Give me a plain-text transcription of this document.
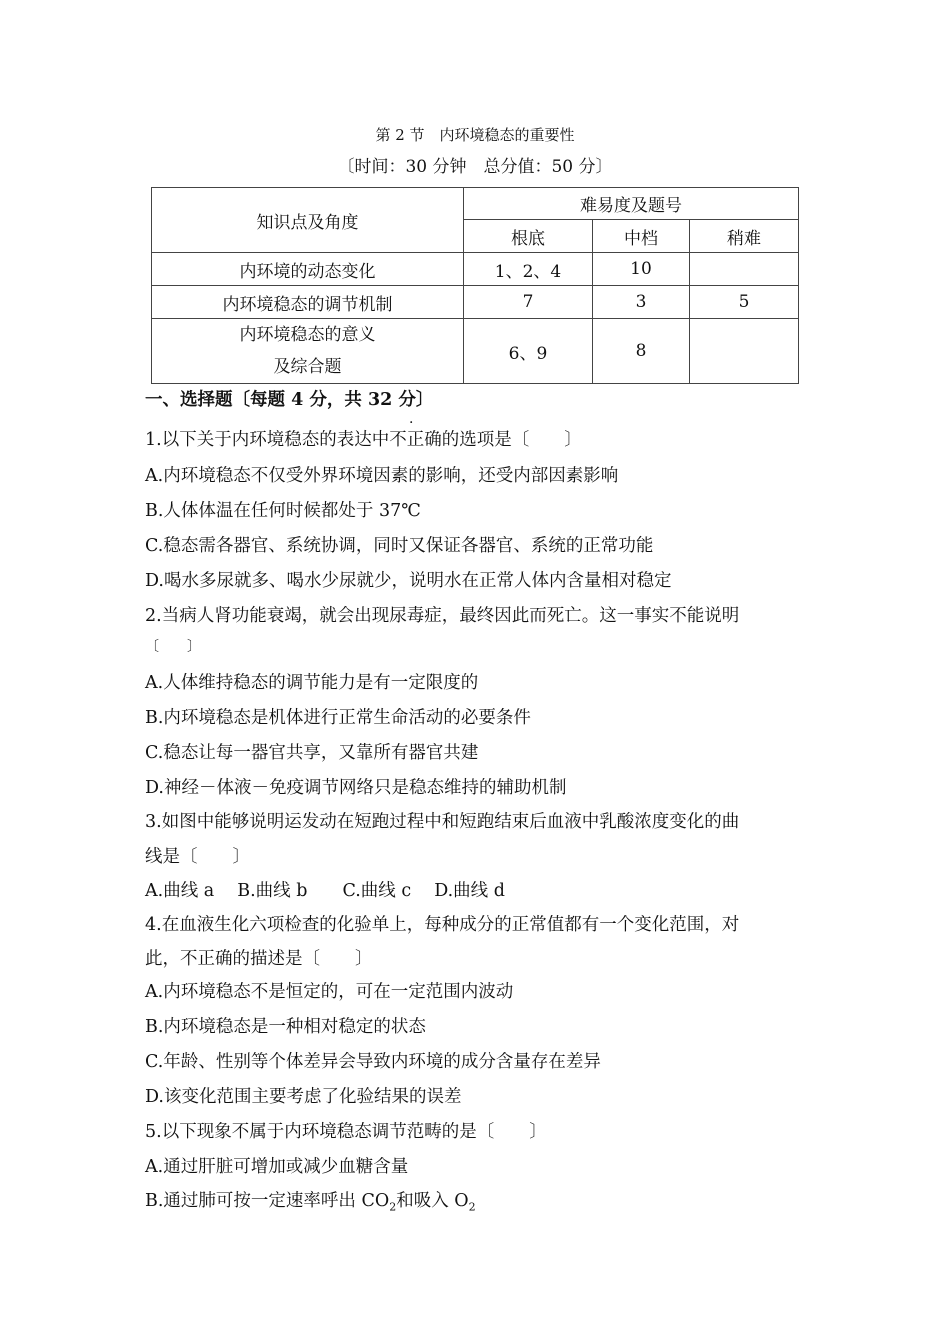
第 2 节　内环境稳态的重要性
〔时间：30 分钟　总分值：50 分〕
知识点及角度	难易度及题号		
	根底	中档	稍难
内环境的动态变化	1、2、4	10	
内环境稳态的调节机制	7	3	5

内环境稳态的意义
及综合题	6、9	8	
一、选择题〔每题 4 分，共 32 分〕
1.以下关于内环境稳态的表达中不正确的选项是〔　　〕
A.内环境稳态不仅受外界环境因素的影响，还受内部因素影响
B.人体体温在任何时候都处于 37℃
C.稳态需各器官、系统协调，同时又保证各器官、系统的正常功能
D.喝水多尿就多、喝水少尿就少，说明水在正常人体内含量相对稳定
2.当病人肾功能衰竭，就会出现尿毒症，最终因此而死亡。这一事实不能说明
〔　　〕
A.人体维持稳态的调节能力是有一定限度的
B.内环境稳态是机体进行正常生命活动的必要条件
C.稳态让每一器官共享，又靠所有器官共建
D.神经－体液－免疫调节网络只是稳态维持的辅助机制
3.如图中能够说明运发动在短跑过程中和短跑结束后血液中乳酸浓度变化的曲
线是〔　　〕
A.曲线 a　 B.曲线 b　　C.曲线 c　 D.曲线 d
4.在血液生化六项检查的化验单上，每种成分的正常值都有一个变化范围，对
此，不正确的描述是〔　　〕
A.内环境稳态不是恒定的，可在一定范围内波动
B.内环境稳态是一种相对稳定的状态
C.年龄、性别等个体差异会导致内环境的成分含量存在差异
D.该变化范围主要考虑了化验结果的误差
5.以下现象不属于内环境稳态调节范畴的是〔　　〕
A.通过肝脏可增加或减少血糖含量
B.通过肺可按一定速率呼出 $CO_2$和吸入 $O_2$
·
